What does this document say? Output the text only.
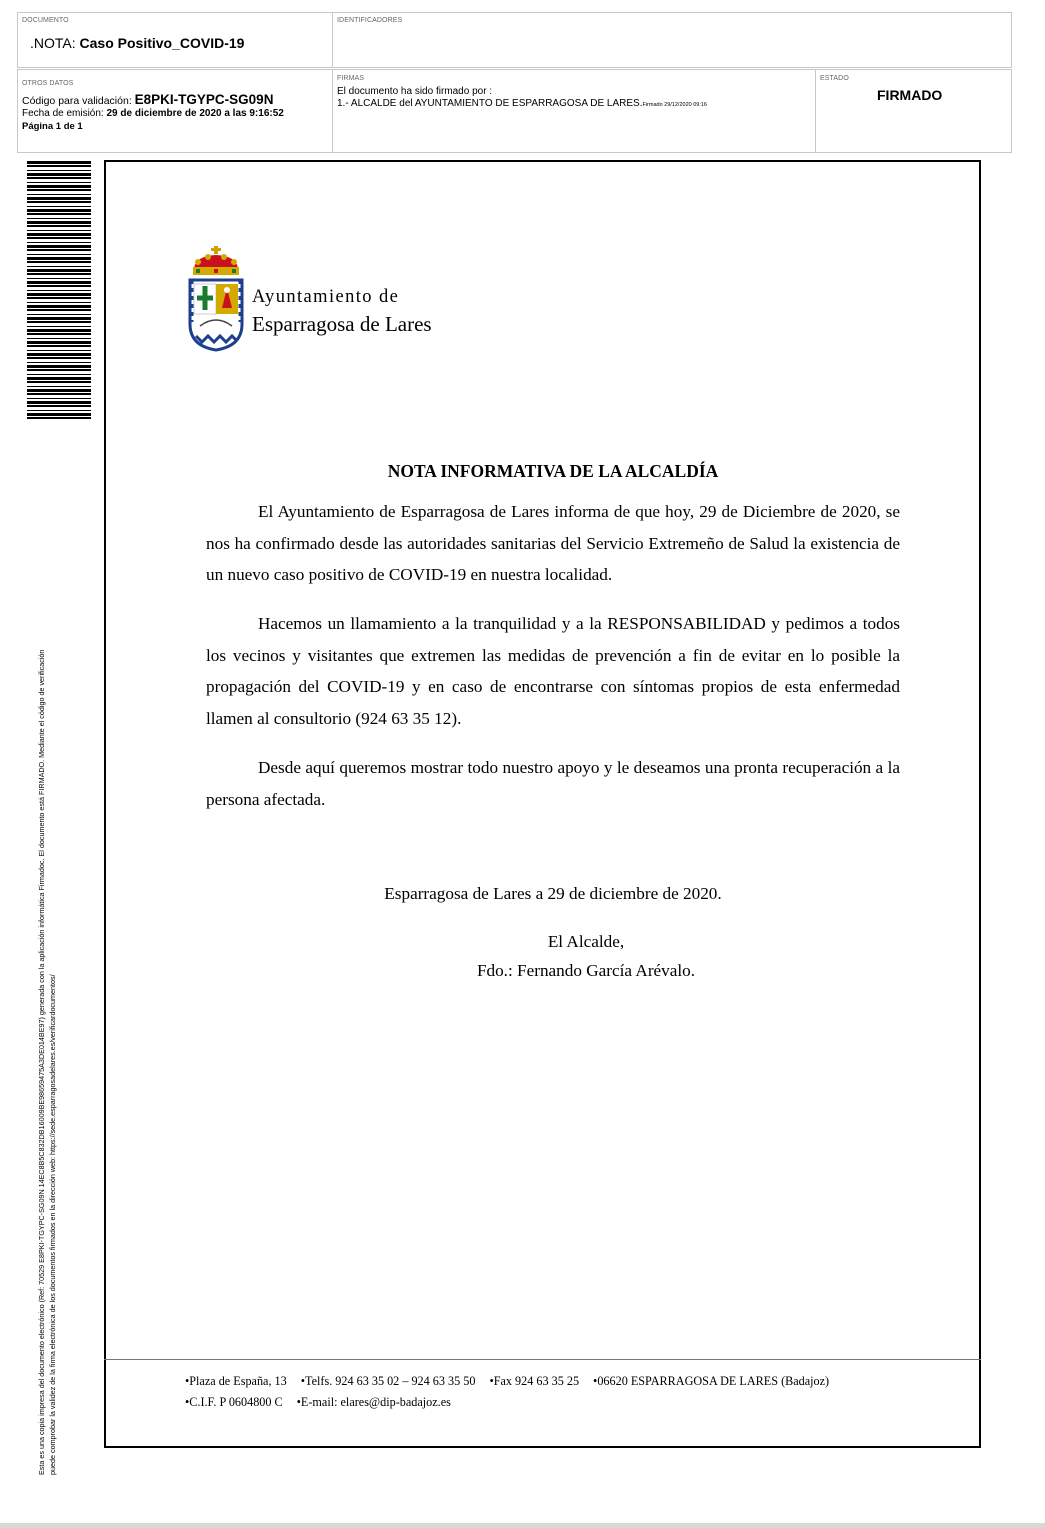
DOCUMENTO
.NOTA: Caso Positivo_COVID-19
IDENTIFICADORES
OTROS DATOS
Código para validación: E8PKI-TGYPC-SG09N
Fecha de emisión: 29 de diciembre de 2020 a las 9:16:52
Página 1 de 1
FIRMAS
El documento ha sido firmado por :
1.- ALCALDE del AYUNTAMIENTO DE ESPARRAGOSA DE LARES.Firmado 29/12/2020 09:16
ESTADO
FIRMADO
Esta es una copia impresa del documento electrónico (Ref: 70529 E8PKI-TGYPC-SG09N 14EC8B5C832DB16009BE98659475A3DE014BE97) generada con la aplicación informática Firmadoc. El documento está FIRMADO. Mediante el código de verificación puede comprobar la validez de la firma electrónica de los documentos firmados en la dirección web: https://sede.esparragosadelares.es/verificardocumentos/
Ayuntamiento de
Esparragosa de Lares
NOTA INFORMATIVA DE LA ALCALDÍA

El Ayuntamiento de Esparragosa de Lares informa de que hoy, 29 de Diciembre de 2020, se nos ha confirmado desde las autoridades sanitarias del Servicio Extremeño de Salud la existencia de un nuevo caso positivo de COVID-19 en nuestra localidad.

Hacemos un llamamiento a la tranquilidad y a la RESPONSABILIDAD y pedimos a todos los vecinos y visitantes que extremen las medidas de prevención a fin de evitar en lo posible la propagación del COVID-19 y en caso de encontrarse con síntomas propios de esta enfermedad llamen al consultorio (924 63 35 12).

Desde aquí queremos mostrar todo nuestro apoyo y le deseamos una pronta recuperación a la persona afectada.

Esparragosa de Lares a 29 de diciembre de 2020.
El Alcalde,
Fdo.: Fernando García Arévalo.
•Plaza de España, 13 •Telfs. 924 63 35 02 – 924 63 35 50 •Fax 924 63 35 25 •06620 ESPARRAGOSA DE LARES (Badajoz)
•C.I.F. P 0604800 C •E-mail: elares@dip-badajoz.es
